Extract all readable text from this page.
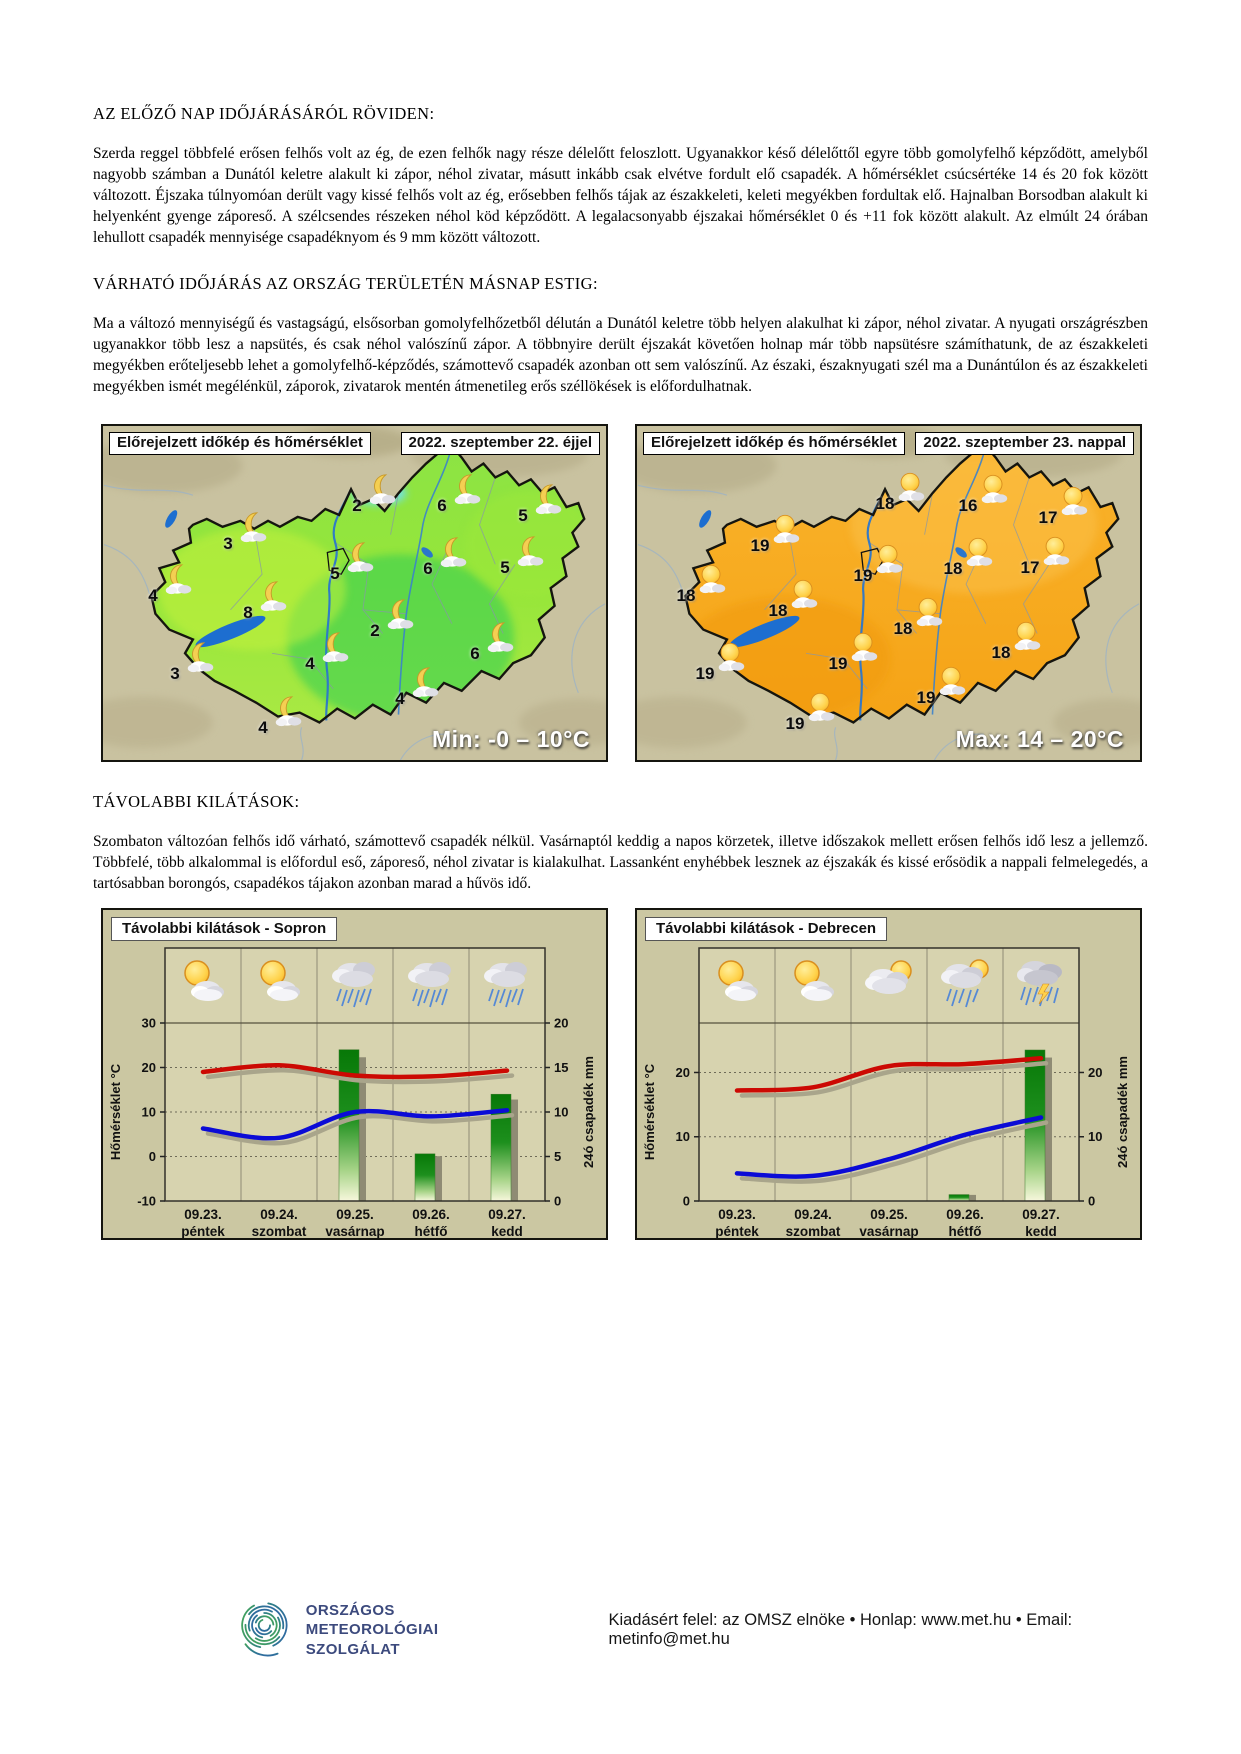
AZ ELŐZŐ NAP IDŐJÁRÁSÁRÓL RÖVIDEN:

Szerda reggel többfelé erősen felhős volt az ég, de ezen felhők nagy része délelőtt feloszlott. Ugyanakkor késő délelőttől egyre több gomolyfelhő képződött, amelyből nagyobb számban a Dunától keletre alakult ki zápor, néhol zivatar, másutt inkább csak elvétve fordult elő csapadék. A hőmérséklet csúcsértéke 14 és 20 fok között változott. Éjszaka túlnyomóan derült vagy kissé felhős volt az ég, erősebben felhős tájak az északkeleti, keleti megyékben fordultak elő. Hajnalban Borsodban alakult ki helyenként gyenge záporeső. A szélcsendes részeken néhol köd képződött. A legalacsonyabb éjszakai hőmérséklet 0 és +11 fok között alakult. Az elmúlt 24 órában lehullott csapadék mennyisége csapadéknyom és 9 mm között változott.

VÁRHATÓ IDŐJÁRÁS AZ ORSZÁG TERÜLETÉN MÁSNAP ESTIG:

Ma a változó mennyiségű és vastagságú, elsősorban gomolyfelhőzetből délután a Dunától keletre több helyen alakulhat ki zápor, néhol zivatar. A nyugati országrészben ugyanakkor több lesz a napsütés, és csak néhol valószínű zápor. A többnyire derült éjszakát követően holnap már több napsütésre számíthatunk, de az északkeleti megyékben erőteljesebb lehet a gomolyfelhő-képződés, számottevő csapadék azonban ott sem valószínű. Az északi, északnyugati szél ma a Dunántúlon és az északkeleti megyékben ismét megélénkül, záporok, zivatarok mentén átmenetileg erős széllökések is előfordulhatnak.

Előrejelzett időkép és hőmérséklet	2022. szeptember 22. éjjel
2	6
5
3
5	6	5
4
8
2
6
3
4
4
4	Min: -0 – 10°C
Előrejelzett időkép és hőmérséklet	2022. szeptember 23. nappal
18	16
17
19
19	18	17
18
18
18
18
19
19
19
19
Max: 14 – 20°C
TÁVOLABBI KILÁTÁSOK:

Szombaton változóan felhős idő várható, számottevő csapadék nélkül. Vasárnaptól keddig a napos körzetek, illetve időszakok mellett erősen felhős idő lesz a jellemző. Többfelé, több alkalommal is előfordul eső, záporeső, néhol zivatar is kialakulhat. Lassanként enyhébbek lesznek az éjszakák és kissé erősödik a nappali felmelegedés, a tartósabban borongós, csapadékos tájakon azonban marad a hűvös idő.

-10
0
10
20
30
0
5
10
15
20
Hőmérséklet °C	24ó csapadék mm
09.23.
péntek
09.24.
szombat
09.25.
vasárnap
09.26.
hétfő
09.27.
kedd
Távolabbi kilátások - Sopron
0
10
20
0
10
20
Hőmérséklet °C	24ó csapadék mm
09.23.
péntek
09.24.
szombat
09.25.
vasárnap
09.26.
hétfő
09.27.
kedd
Távolabbi kilátások - Debrecen
ORSZÁGOS
METEOROLÓGIAI
SZOLGÁLAT
Kiadásért felel: az OMSZ elnöke • Honlap: www.met.hu • Email: metinfo@met.hu
